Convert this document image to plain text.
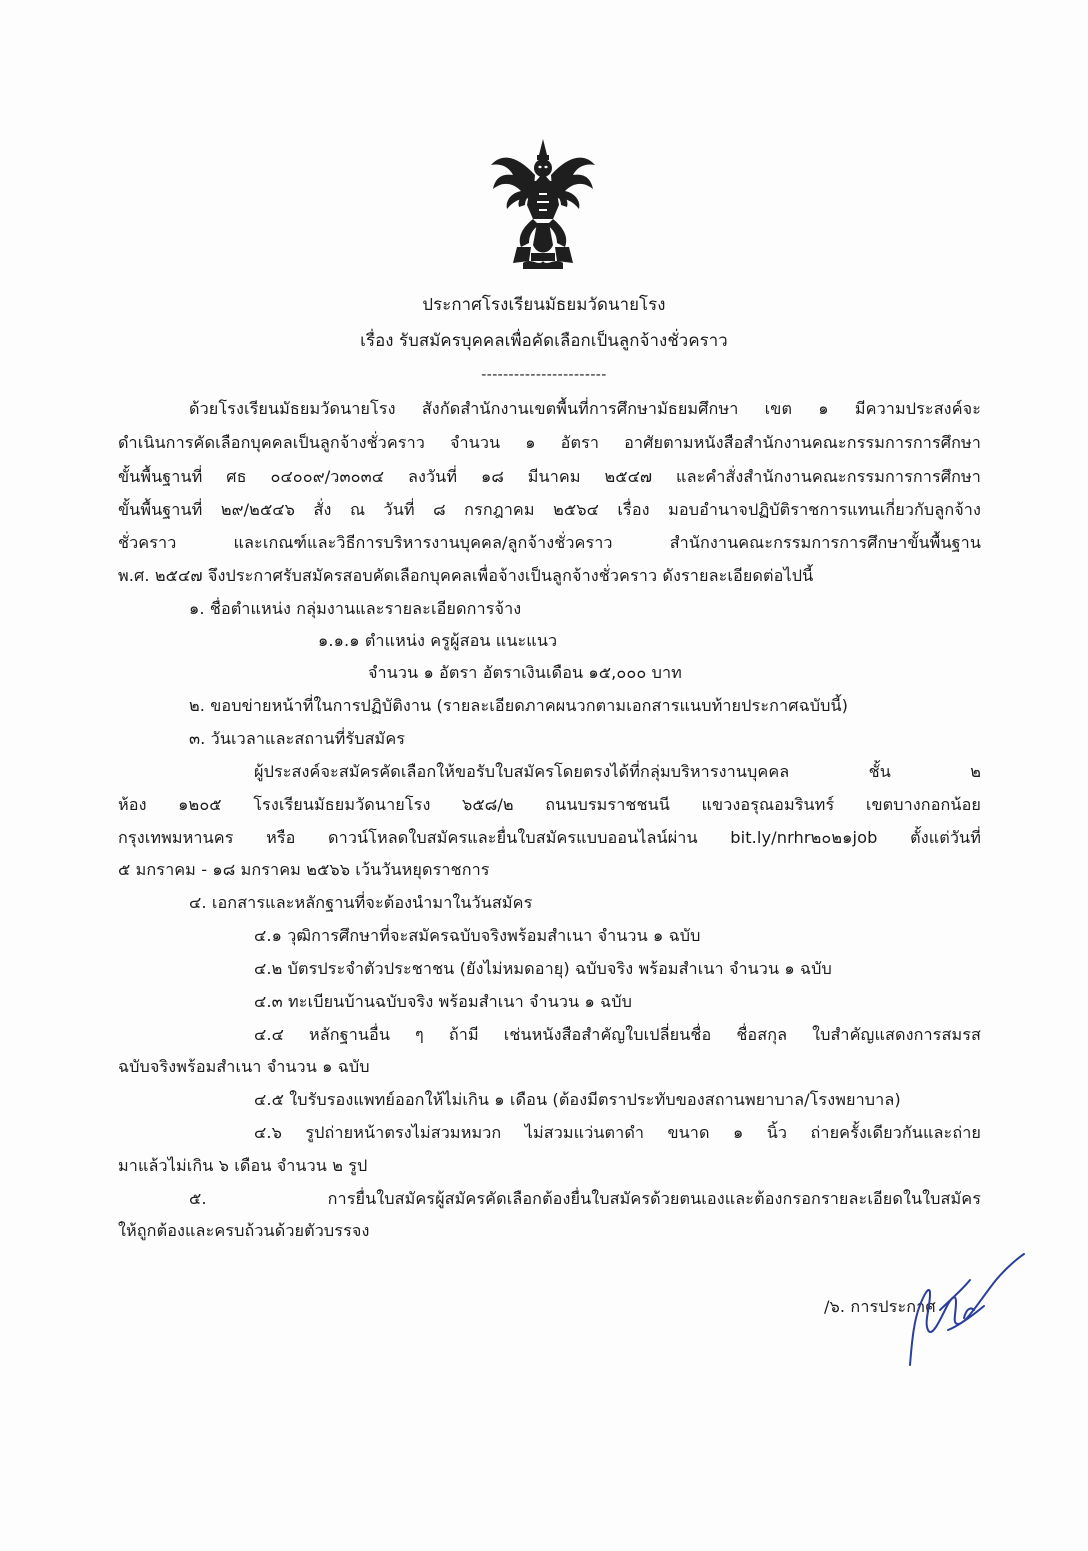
ประกาศโรงเรียนมัธยมวัดนายโรง
เรื่อง รับสมัครบุคคลเพื่อคัดเลือกเป็นลูกจ้างชั่วคราว
-----------------------
ด้วยโรงเรียนมัธยมวัดนายโรง สังกัดสำนักงานเขตพื้นที่การศึกษามัธยมศึกษา เขต ๑ มีความประสงค์จะ
ดำเนินการคัดเลือกบุคคลเป็นลูกจ้างชั่วคราว จำนวน ๑ อัตรา อาศัยตามหนังสือสำนักงานคณะกรรมการการศึกษา
ขั้นพื้นฐานที่ ศธ ๐๔๐๐๙/ว๓๐๓๔ ลงวันที่ ๑๘ มีนาคม ๒๕๔๗ และคำสั่งสำนักงานคณะกรรมการการศึกษา
ขั้นพื้นฐานที่ ๒๙/๒๕๔๖ สั่ง ณ วันที่ ๘ กรกฎาคม ๒๕๖๔ เรื่อง มอบอำนาจปฏิบัติราชการแทนเกี่ยวกับลูกจ้าง
ชั่วคราว และเกณฑ์และวิธีการบริหารงานบุคคล/ลูกจ้างชั่วคราว สำนักงานคณะกรรมการการศึกษาขั้นพื้นฐาน
พ.ศ. ๒๕๔๗ จึงประกาศรับสมัครสอบคัดเลือกบุคคลเพื่อจ้างเป็นลูกจ้างชั่วคราว ดังรายละเอียดต่อไปนี้
๑. ชื่อตำแหน่ง กลุ่มงานและรายละเอียดการจ้าง
๑.๑.๑ ตำแหน่ง ครูผู้สอน แนะแนว
จำนวน ๑ อัตรา อัตราเงินเดือน ๑๕,๐๐๐ บาท
๒. ขอบข่ายหน้าที่ในการปฏิบัติงาน (รายละเอียดภาคผนวกตามเอกสารแนบท้ายประกาศฉบับนี้)
๓. วันเวลาและสถานที่รับสมัคร
ผู้ประสงค์จะสมัครคัดเลือกให้ขอรับใบสมัครโดยตรงได้ที่กลุ่มบริหารงานบุคคล ชั้น ๒
ห้อง ๑๒๐๕ โรงเรียนมัธยมวัดนายโรง ๖๕๘/๒ ถนนบรมราชชนนี แขวงอรุณอมรินทร์ เขตบางกอกน้อย
กรุงเทพมหานคร หรือ ดาวน์โหลดใบสมัครและยื่นใบสมัครแบบออนไลน์ผ่าน bit.ly/nrhr๒๐๒๑job ตั้งแต่วันที่
๕ มกราคม - ๑๘ มกราคม ๒๕๖๖ เว้นวันหยุดราชการ
๔. เอกสารและหลักฐานที่จะต้องนำมาในวันสมัคร
๔.๑ วุฒิการศึกษาที่จะสมัครฉบับจริงพร้อมสำเนา จำนวน ๑ ฉบับ
๔.๒ บัตรประจำตัวประชาชน (ยังไม่หมดอายุ) ฉบับจริง พร้อมสำเนา จำนวน ๑ ฉบับ
๔.๓ ทะเบียนบ้านฉบับจริง พร้อมสำเนา จำนวน ๑ ฉบับ
๔.๔ หลักฐานอื่น ๆ ถ้ามี เช่นหนังสือสำคัญใบเปลี่ยนชื่อ ชื่อสกุล ใบสำคัญแสดงการสมรส
ฉบับจริงพร้อมสำเนา จำนวน ๑ ฉบับ
๔.๕ ใบรับรองแพทย์ออกให้ไม่เกิน ๑ เดือน (ต้องมีตราประทับของสถานพยาบาล/โรงพยาบาล)
๔.๖ รูปถ่ายหน้าตรงไม่สวมหมวก ไม่สวมแว่นตาดำ ขนาด ๑ นิ้ว ถ่ายครั้งเดียวกันและถ่าย
มาแล้วไม่เกิน ๖ เดือน จำนวน ๒ รูป
๕. การยื่นใบสมัครผู้สมัครคัดเลือกต้องยื่นใบสมัครด้วยตนเองและต้องกรอกรายละเอียดในใบสมัคร
ให้ถูกต้องและครบถ้วนด้วยตัวบรรจง
/๖. การประกาศ
